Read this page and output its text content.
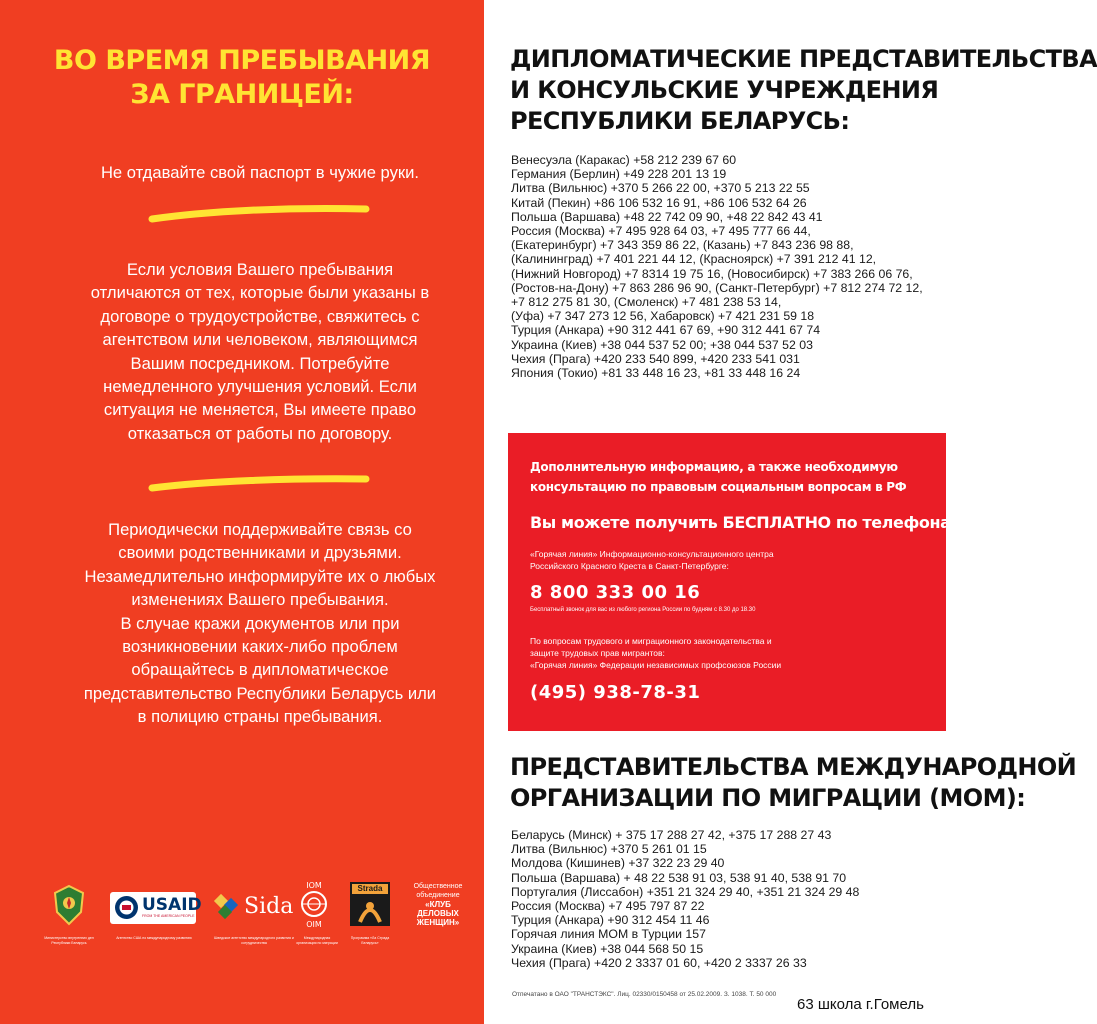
ВО ВРЕМЯ ПРЕБЫВАНИЯ
ЗА ГРАНИЦЕЙ:
Не отдавайте свой паспорт в чужие руки.
Если условия Вашего пребывания
отличаются от тех, которые были указаны в
договоре о трудоустройстве, свяжитесь с
агентством или человеком, являющимся
Вашим посредником. Потребуйте
немедленного улучшения условий. Если
ситуация не меняется, Вы имеете право
отказаться от работы по договору.
Периодически поддерживайте связь со
своими родственниками и друзьями.
Незамедлительно информируйте их о любых
изменениях Вашего пребывания.
В случае кражи документов или при
возникновении каких-либо проблем
обращайтесь в дипломатическое
представительство Республики Беларусь или
в полицию страны пребывания.
Министерство внутренних дел Республики Беларусь
USAID
FROM THE AMERICAN PEOPLE
Агентство США по международному развитию
Sida
Шведское агентство международного развития и сотрудничества
IOM
OIM
Международная организация по миграции
Strada
Программа «Ла Страда Беларусь»
Общественное
объединение
«КЛУБ
ДЕЛОВЫХ
ЖЕНЩИН»
ДИПЛОМАТИЧЕСКИЕ ПРЕДСТАВИТЕЛЬСТВА
И КОНСУЛЬСКИЕ УЧРЕЖДЕНИЯ
РЕСПУБЛИКИ БЕЛАРУСЬ:
Венесуэла (Каракас) +58 212 239 67 60
Германия (Берлин) +49 228 201 13 19
Литва (Вильнюс) +370 5 266 22 00, +370 5 213 22 55
Китай (Пекин) +86 106 532 16 91, +86 106 532 64 26
Польша (Варшава) +48 22 742 09 90, +48 22 842 43 41
Россия (Москва) +7 495 928 64 03, +7 495 777 66 44,
(Екатеринбург) +7 343 359 86 22, (Казань) +7 843 236 98 88,
(Калининград) +7 401 221 44 12, (Красноярск) +7 391 212 41 12,
(Нижний Новгород) +7 8314 19 75 16, (Новосибирск) +7 383 266 06 76,
(Ростов-на-Дону) +7 863 286 96 90, (Санкт-Петербург) +7 812 274 72 12,
+7 812 275 81 30, (Смоленск) +7 481 238 53 14,
(Уфа) +7 347 273 12 56, Хабаровск) +7 421 231 59 18
Турция (Анкара) +90 312 441 67 69, +90 312 441 67 74
Украина (Киев) +38 044 537 52 00; +38 044 537 52 03
Чехия (Прага) +420 233 540 899, +420 233 541 031
Япония (Токио) +81 33 448 16 23, +81 33 448 16 24
Дополнительную информацию, а также необходимую
консультацию по правовым социальным вопросам в РФ
Вы можете получить БЕСПЛАТНО по телефонам:
«Горячая линия» Информационно-консультационного центра
Российского Красного Креста в Санкт-Петербурге:
8 800 333 00 16
Бесплатный звонок для вас из любого региона России по будням с 8.30 до 18.30
По вопросам трудового и миграционного законодательства и
защите трудовых прав мигрантов:
«Горячая линия» Федерации независимых профсоюзов России
(495) 938-78-31
ПРЕДСТАВИТЕЛЬСТВА МЕЖДУНАРОДНОЙ
ОРГАНИЗАЦИИ ПО МИГРАЦИИ (МОМ):
Беларусь (Минск) + 375 17 288 27 42, +375 17 288 27 43
Литва (Вильнюс) +370 5 261 01 15
Молдова (Кишинев) +37 322 23 29 40
Польша (Варшава) + 48 22 538 91 03, 538 91 40, 538 91 70
Португалия (Лиссабон) +351 21 324 29 40, +351 21 324 29 48
Россия (Москва) +7 495 797 87 22
Турция (Анкара) +90 312 454 11 46
Горячая линия МОМ в Турции 157
Украина (Киев) +38 044 568 50 15
Чехия (Прага) +420 2 3337 01 60, +420 2 3337 26 33
Отпечатано в ОАО "ТРАНСТЭКС". Лиц. 02330/0150458 от 25.02.2009. З. 1038. Т. 50 000
63 школа г.Гомель
